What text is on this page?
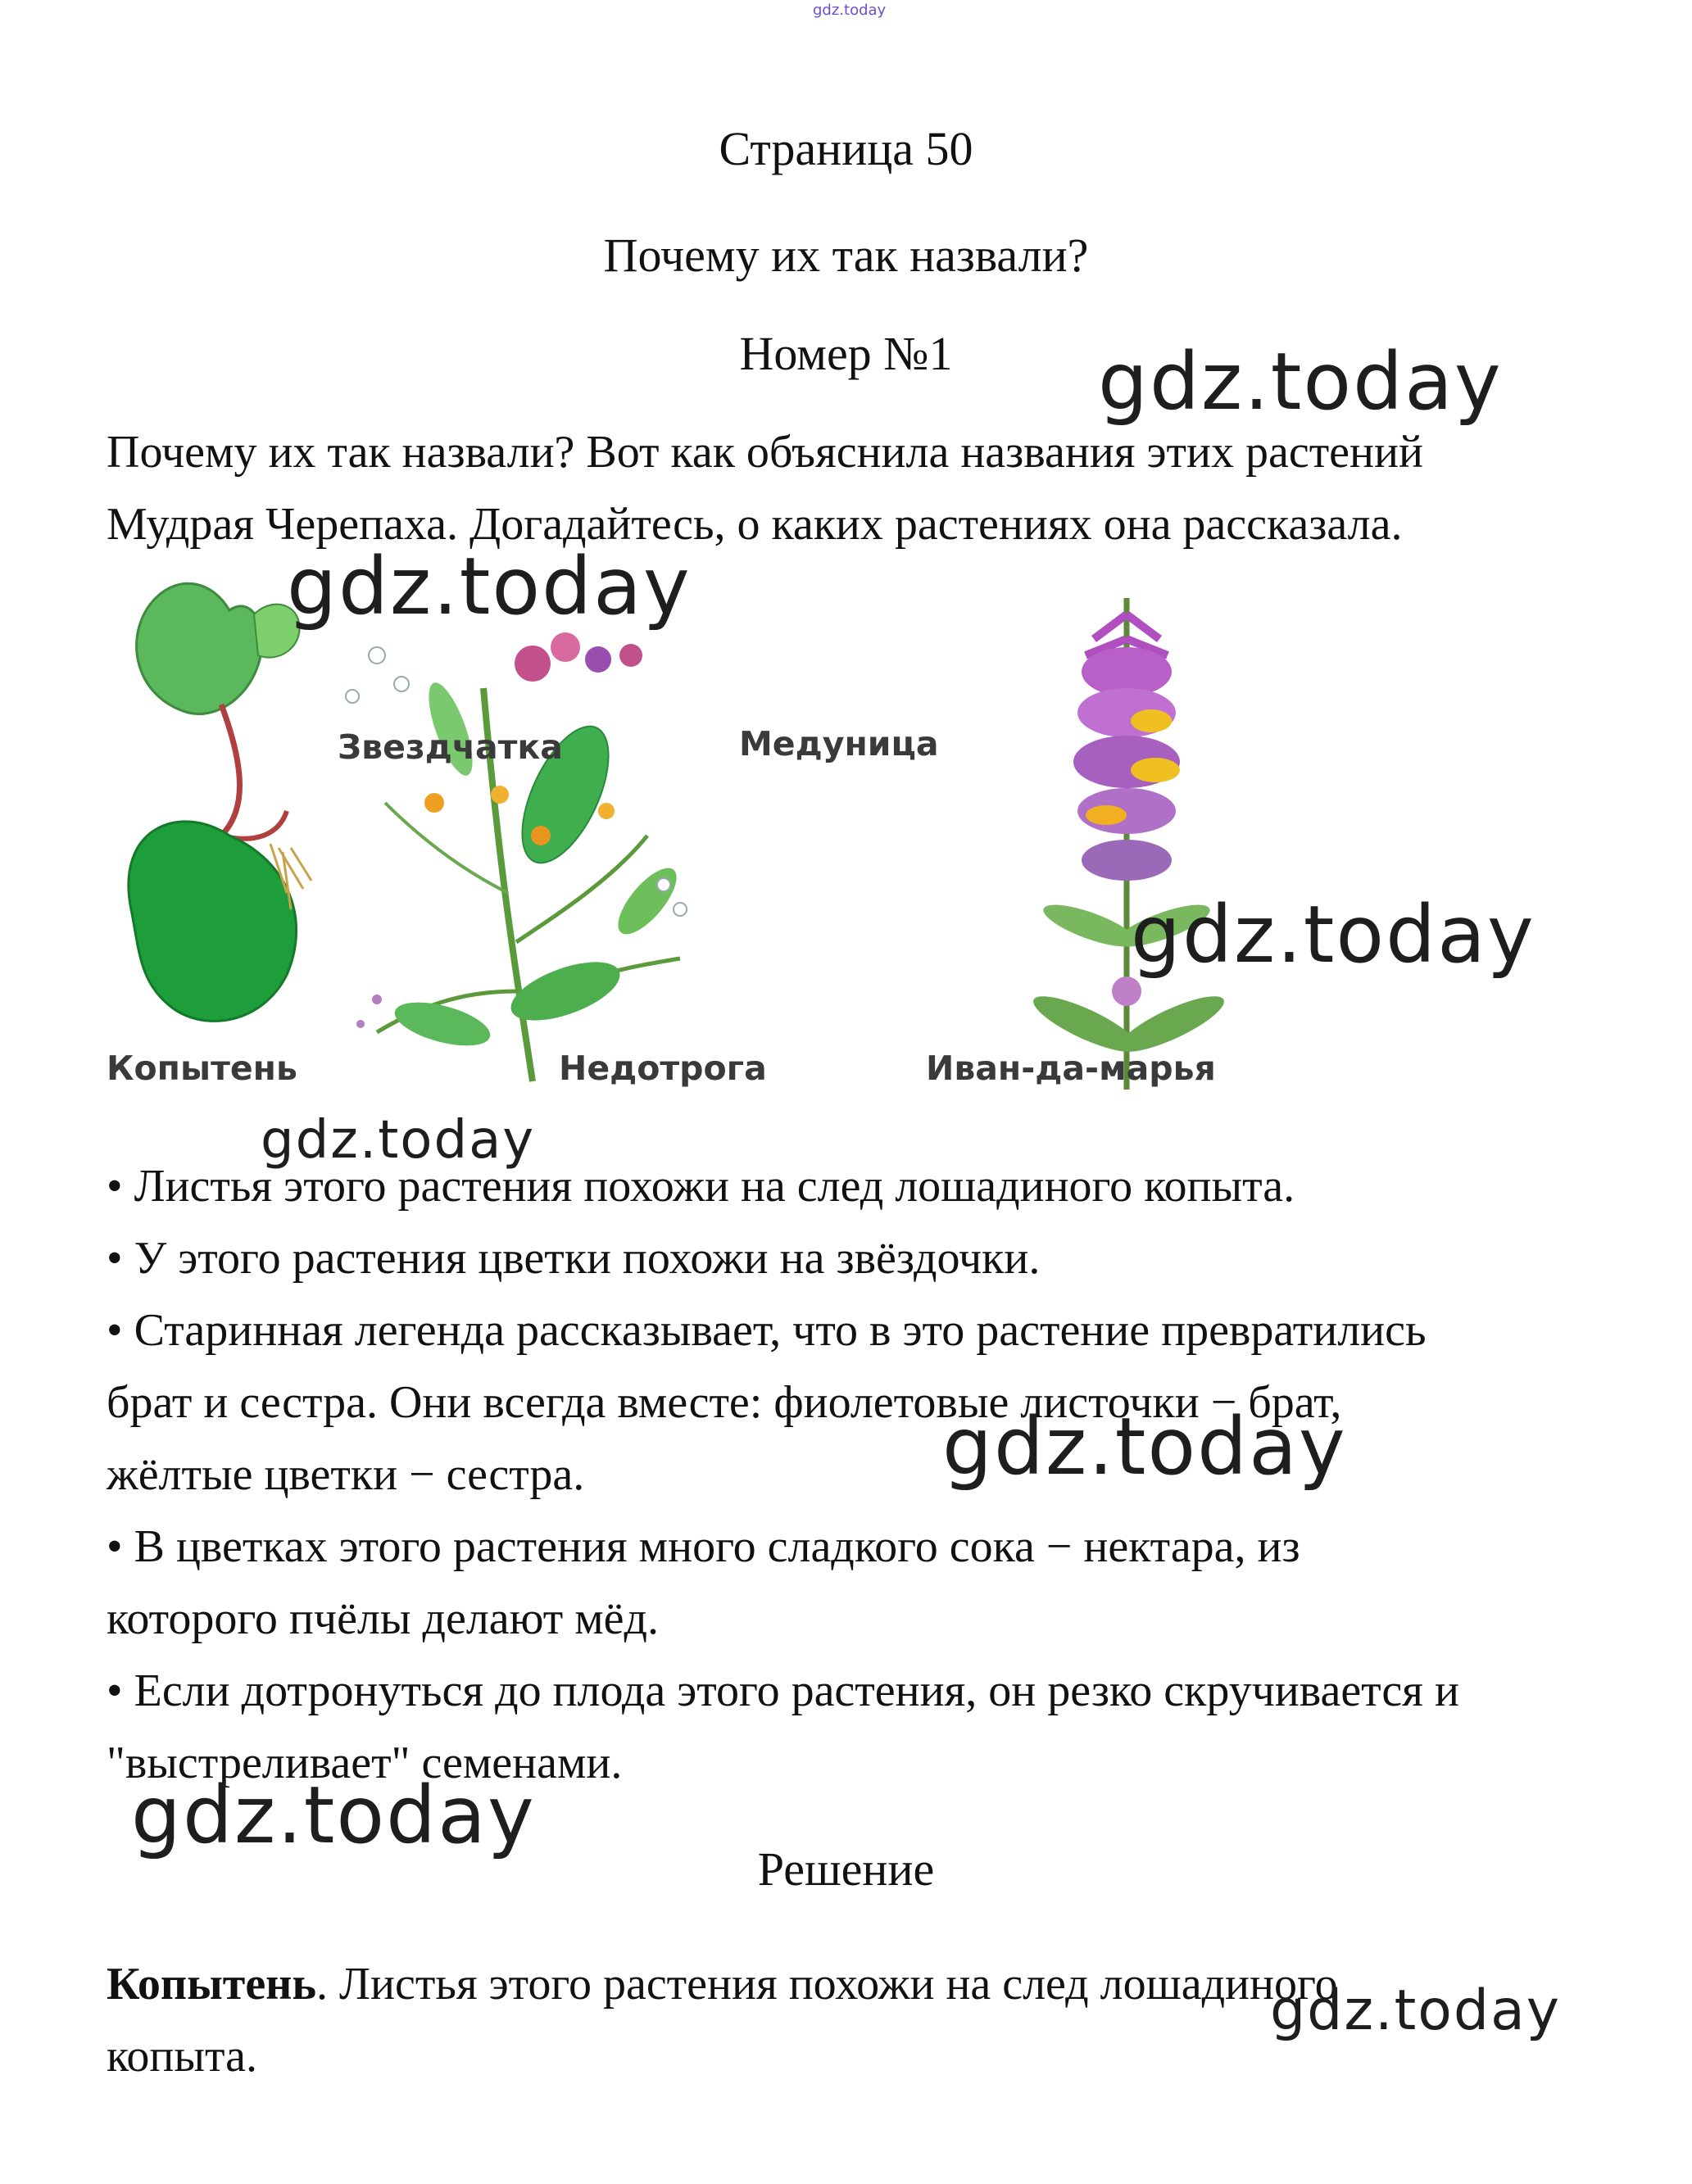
gdz.today
Страница 50
Почему их так назвали?
Номер №1
Почему их так назвали? Вот как объяснила названия этих растений
Мудрая Черепаха. Догадайтесь, о каких растениях она рассказала.
Копытень
Звездчатка	Медуница
Недотрога	Иван-да-марья
• Листья этого растения похожи на след лошадиного копыта.
• У этого растения цветки похожи на звёздочки.
• Старинная легенда рассказывает, что в это растение превратились
брат и сестра. Они всегда вместе: фиолетовые листочки − брат,
жёлтые цветки − сестра.
• В цветках этого растения много сладкого сока − нектара, из
которого пчёлы делают мёд.
• Если дотронуться до плода этого растения, он резко скручивается и
"выстреливает" семенами.
Решение
Копытень. Листья этого растения похожи на след лошадиного
копыта.
gdz.today
gdz.today
gdz.today
gdz.today
gdz.today
gdz.today
gdz.today
